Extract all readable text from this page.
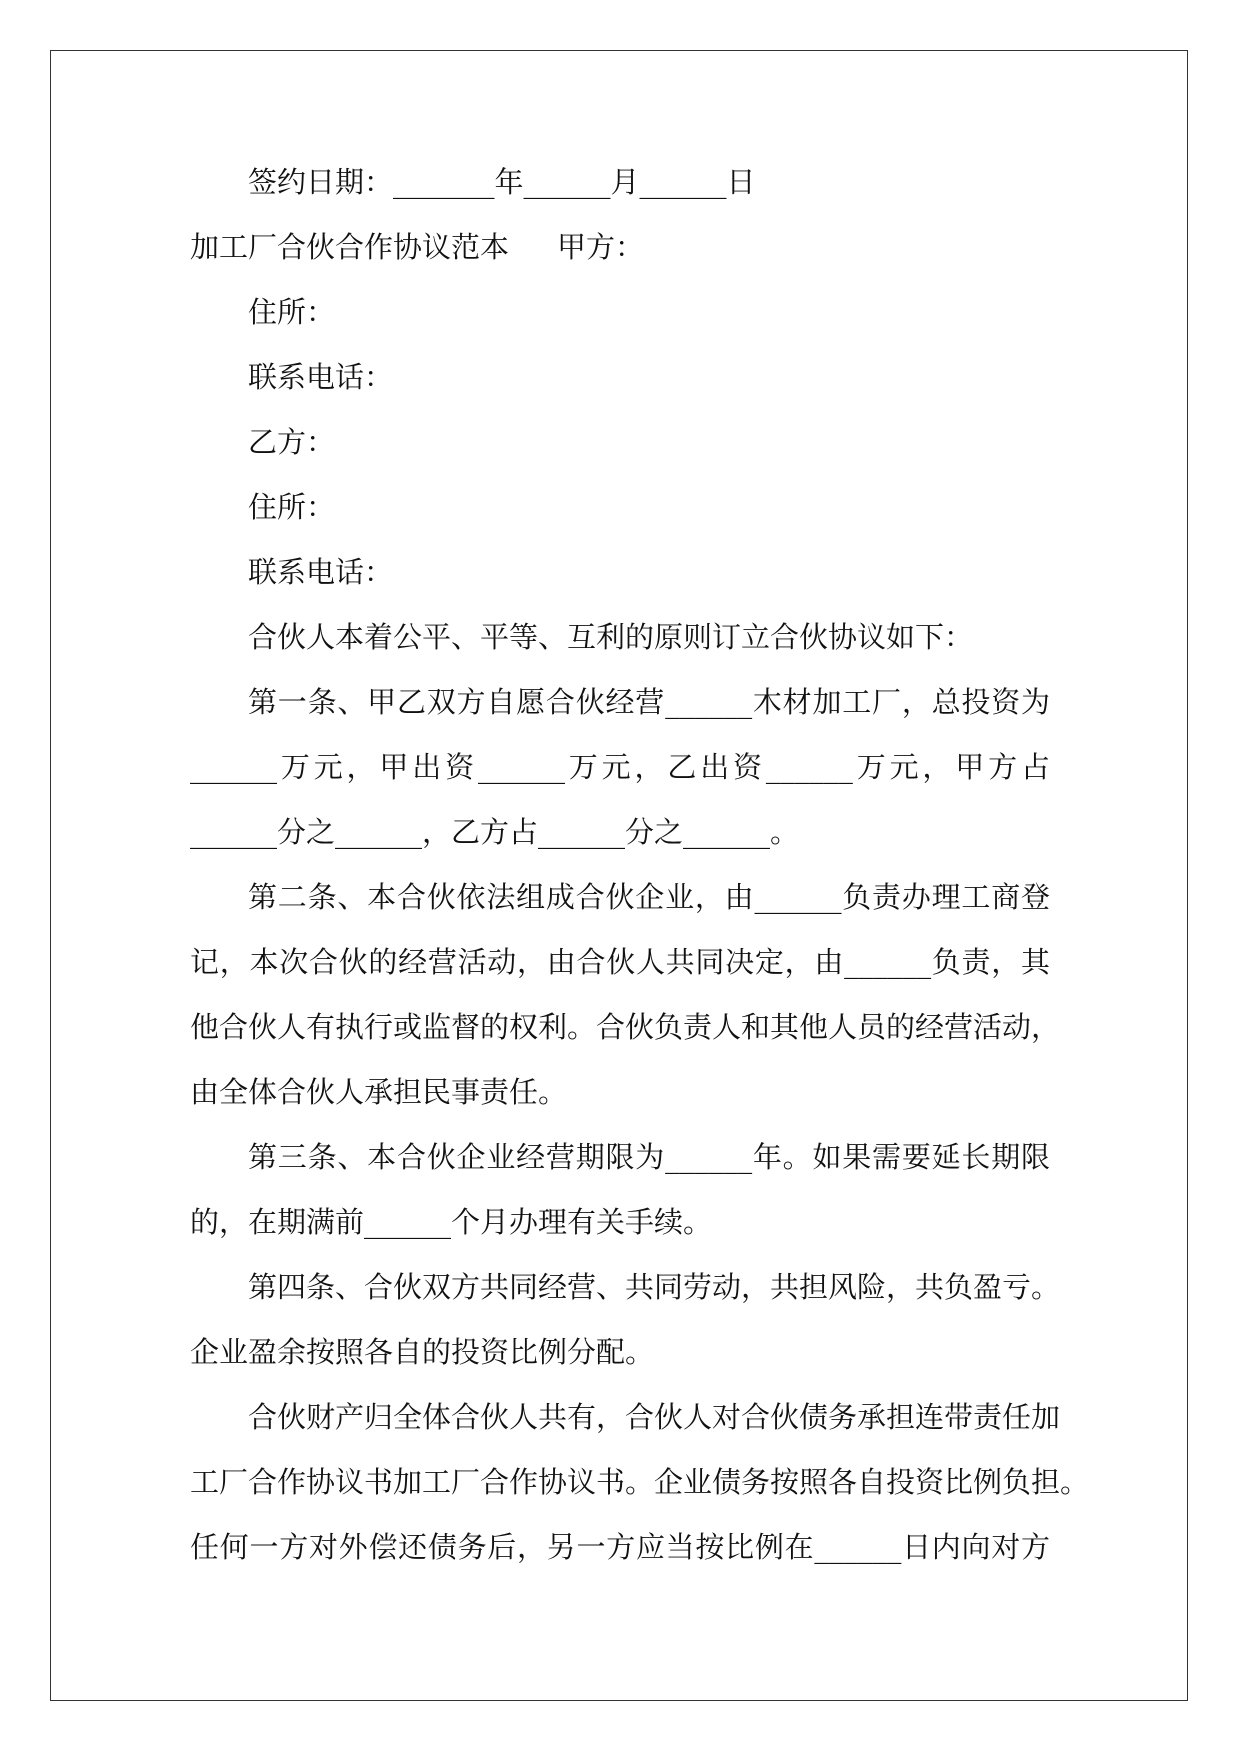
签约日期：_______年______月______日
加工厂合伙合作协议范本 甲方：
住所：
联系电话：
乙方：
住所：
联系电话：
合伙人本着公平、平等、互利的原则订立合伙协议如下：
第一条、甲乙双方自愿合伙经营______木材加工厂，总投资为
______万元，甲出资______万元，乙出资______万元，甲方占
______分之______，乙方占______分之______。
第二条、本合伙依法组成合伙企业，由______负责办理工商登
记，本次合伙的经营活动，由合伙人共同决定，由______负责，其
他合伙人有执行或监督的权利。合伙负责人和其他人员的经营活动，
由全体合伙人承担民事责任。
第三条、本合伙企业经营期限为______年。如果需要延长期限
的，在期满前______个月办理有关手续。
第四条、合伙双方共同经营、共同劳动，共担风险，共负盈亏。
企业盈余按照各自的投资比例分配。
合伙财产归全体合伙人共有，合伙人对合伙债务承担连带责任加
工厂合作协议书加工厂合作协议书。企业债务按照各自投资比例负担。
任何一方对外偿还债务后，另一方应当按比例在______日内向对方
